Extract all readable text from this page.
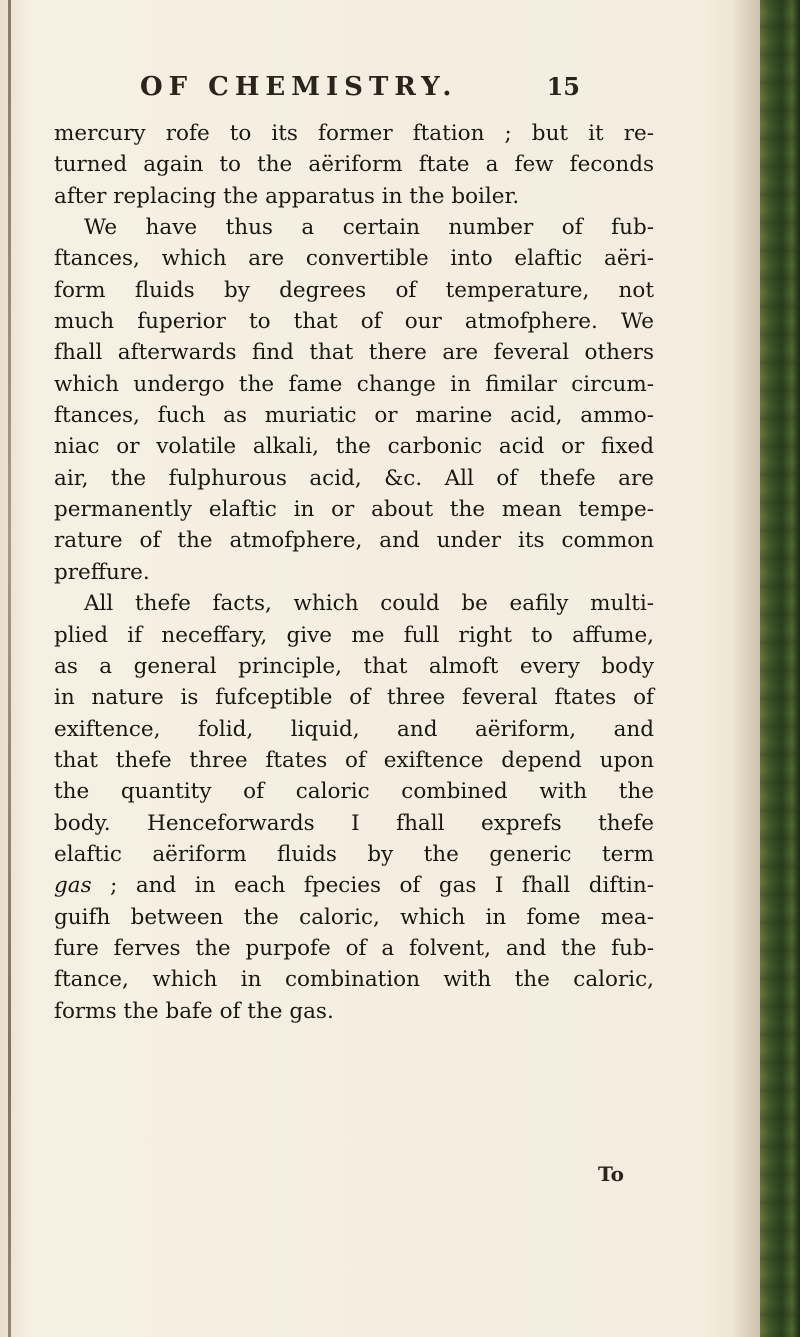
OF CHEMISTRY.	15
mercury rofe to its former ftation ; but it re-
turned again to the aëriform ftate a few feconds
after replacing the apparatus in the boiler.
We have thus a certain number of fub-
ftances, which are convertible into elaftic aëri-
form fluids by degrees of temperature, not
much fuperior to that of our atmofphere. We
fhall afterwards find that there are feveral others
which undergo the fame change in fimilar circum-
ftances, fuch as muriatic or marine acid, ammo-
niac or volatile alkali, the carbonic acid or fixed
air, the fulphurous acid, &c. All of thefe are
permanently elaftic in or about the mean tempe-
rature of the atmofphere, and under its common
preffure.
All thefe facts, which could be eafily multi-
plied if neceffary, give me full right to affume,
as a general principle, that almoft every body
in nature is fufceptible of three feveral ftates of
exiftence, folid, liquid, and aëriform, and
that thefe three ftates of exiftence depend upon
the quantity of caloric combined with the
body. Henceforwards I fhall exprefs thefe
elaftic aëriform fluids by the generic term
gas ; and in each fpecies of gas I fhall diftin-
guifh between the caloric, which in fome mea-
fure ferves the purpofe of a folvent, and the fub-
ftance, which in combination with the caloric,
forms the bafe of the gas.
To
